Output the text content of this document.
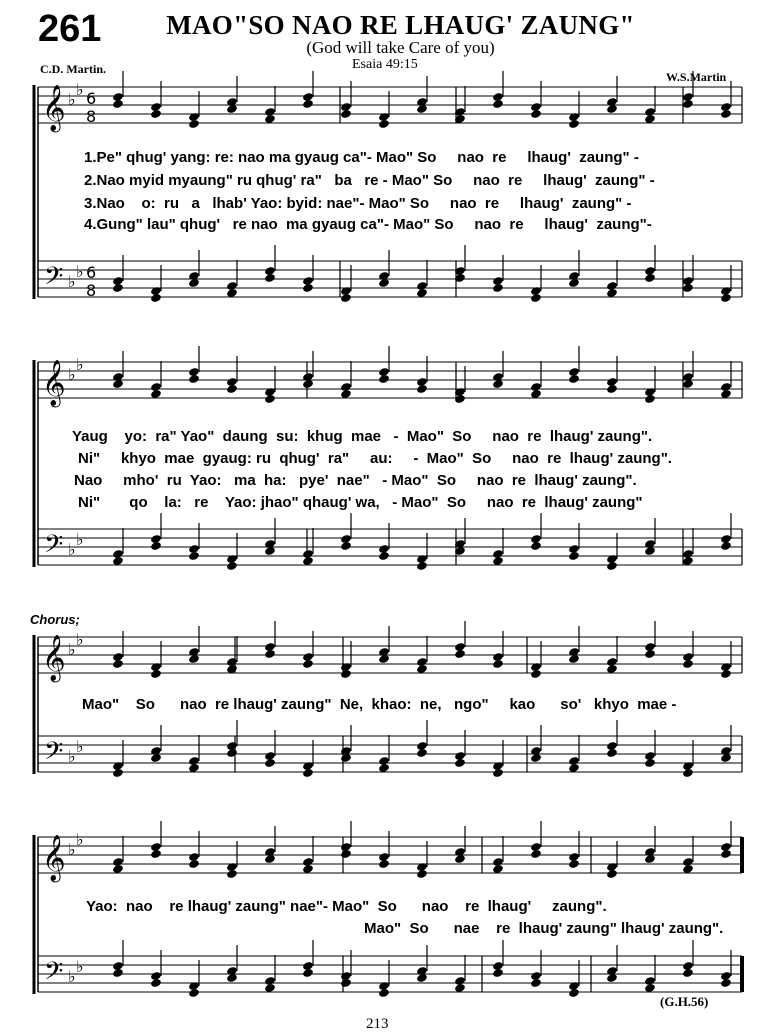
𝄞
𝄢
♭
♭
♭
♭
6
8
6
8
𝄞
𝄢
♭
♭
♭
♭
𝄞
𝄢
♭
♭
♭
♭
𝄞
𝄢
♭
♭
♭
♭
261	MAO"SO NAO RE LHAUG' ZAUNG"
(God will take Care of you)
C.D. Martin.	Esaia 49:15
W.S.Martin
1.Pe" qhug' yang: re: nao ma gyaug ca"- Mao" So     nao  re     lhaug'  zaung" -
2.Nao myid myaung" ru qhug' ra"   ba   re - Mao" So     nao  re     lhaug'  zaung" -
3.Nao    o:  ru   a   lhab' Yao: byid: nae"- Mao" So     nao  re     lhaug'  zaung" -
4.Gung" lau" qhug'   re nao  ma gyaug ca"- Mao" So     nao  re     lhaug'  zaung"-
Yaug    yo:  ra" Yao"  daung  su:  khug  mae   -  Mao"  So     nao  re  lhaug' zaung".
Ni"     khyo  mae  gyaug: ru  qhug'  ra"     au:     -  Mao"  So     nao  re  lhaug' zaung".
Nao     mho'  ru  Yao:   ma  ha:   pye'  nae"   - Mao"  So     nao  re  lhaug' zaung".
Ni"       qo    la:   re    Yao: jhao" qhaug' wa,   - Mao"  So     nao  re  lhaug' zaung"
Chorus;
Mao"    So      nao  re lhaug' zaung"  Ne,  khao:  ne,   ngo"     kao      so'   khyo  mae -
Yao:  nao    re lhaug' zaung" nae"- Mao"  So      nao    re  lhaug'     zaung".
Mao"  So      nae    re  lhaug' zaung" lhaug' zaung".
(G.H.56)
213
